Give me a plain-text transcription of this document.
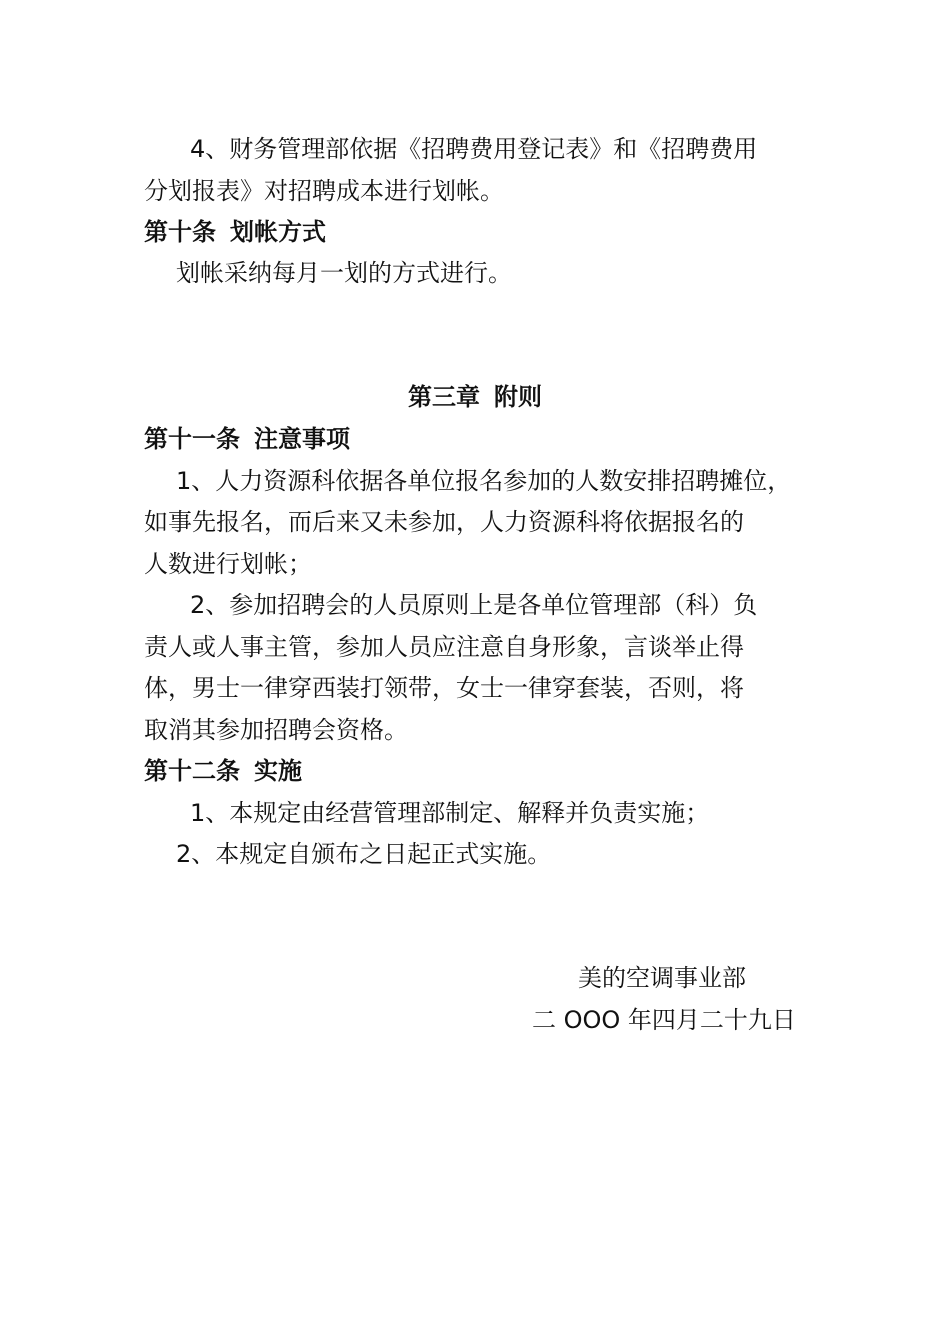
4、财务管理部依据《招聘费用登记表》和《招聘费用
分划报表》对招聘成本进行划帐。
第十条 划帐方式
划帐采纳每月一划的方式进行。
第三章 附则
第十一条 注意事项
1、人力资源科依据各单位报名参加的人数安排招聘摊位，
如事先报名，而后来又未参加，人力资源科将依据报名的
人数进行划帐；
2、参加招聘会的人员原则上是各单位管理部（科）负
责人或人事主管，参加人员应注意自身形象，言谈举止得
体，男士一律穿西装打领带，女士一律穿套装，否则，将
取消其参加招聘会资格。
第十二条 实施
1、本规定由经营管理部制定、解释并负责实施；
2、本规定自颁布之日起正式实施。
美的空调事业部
二 OOO 年四月二十九日
